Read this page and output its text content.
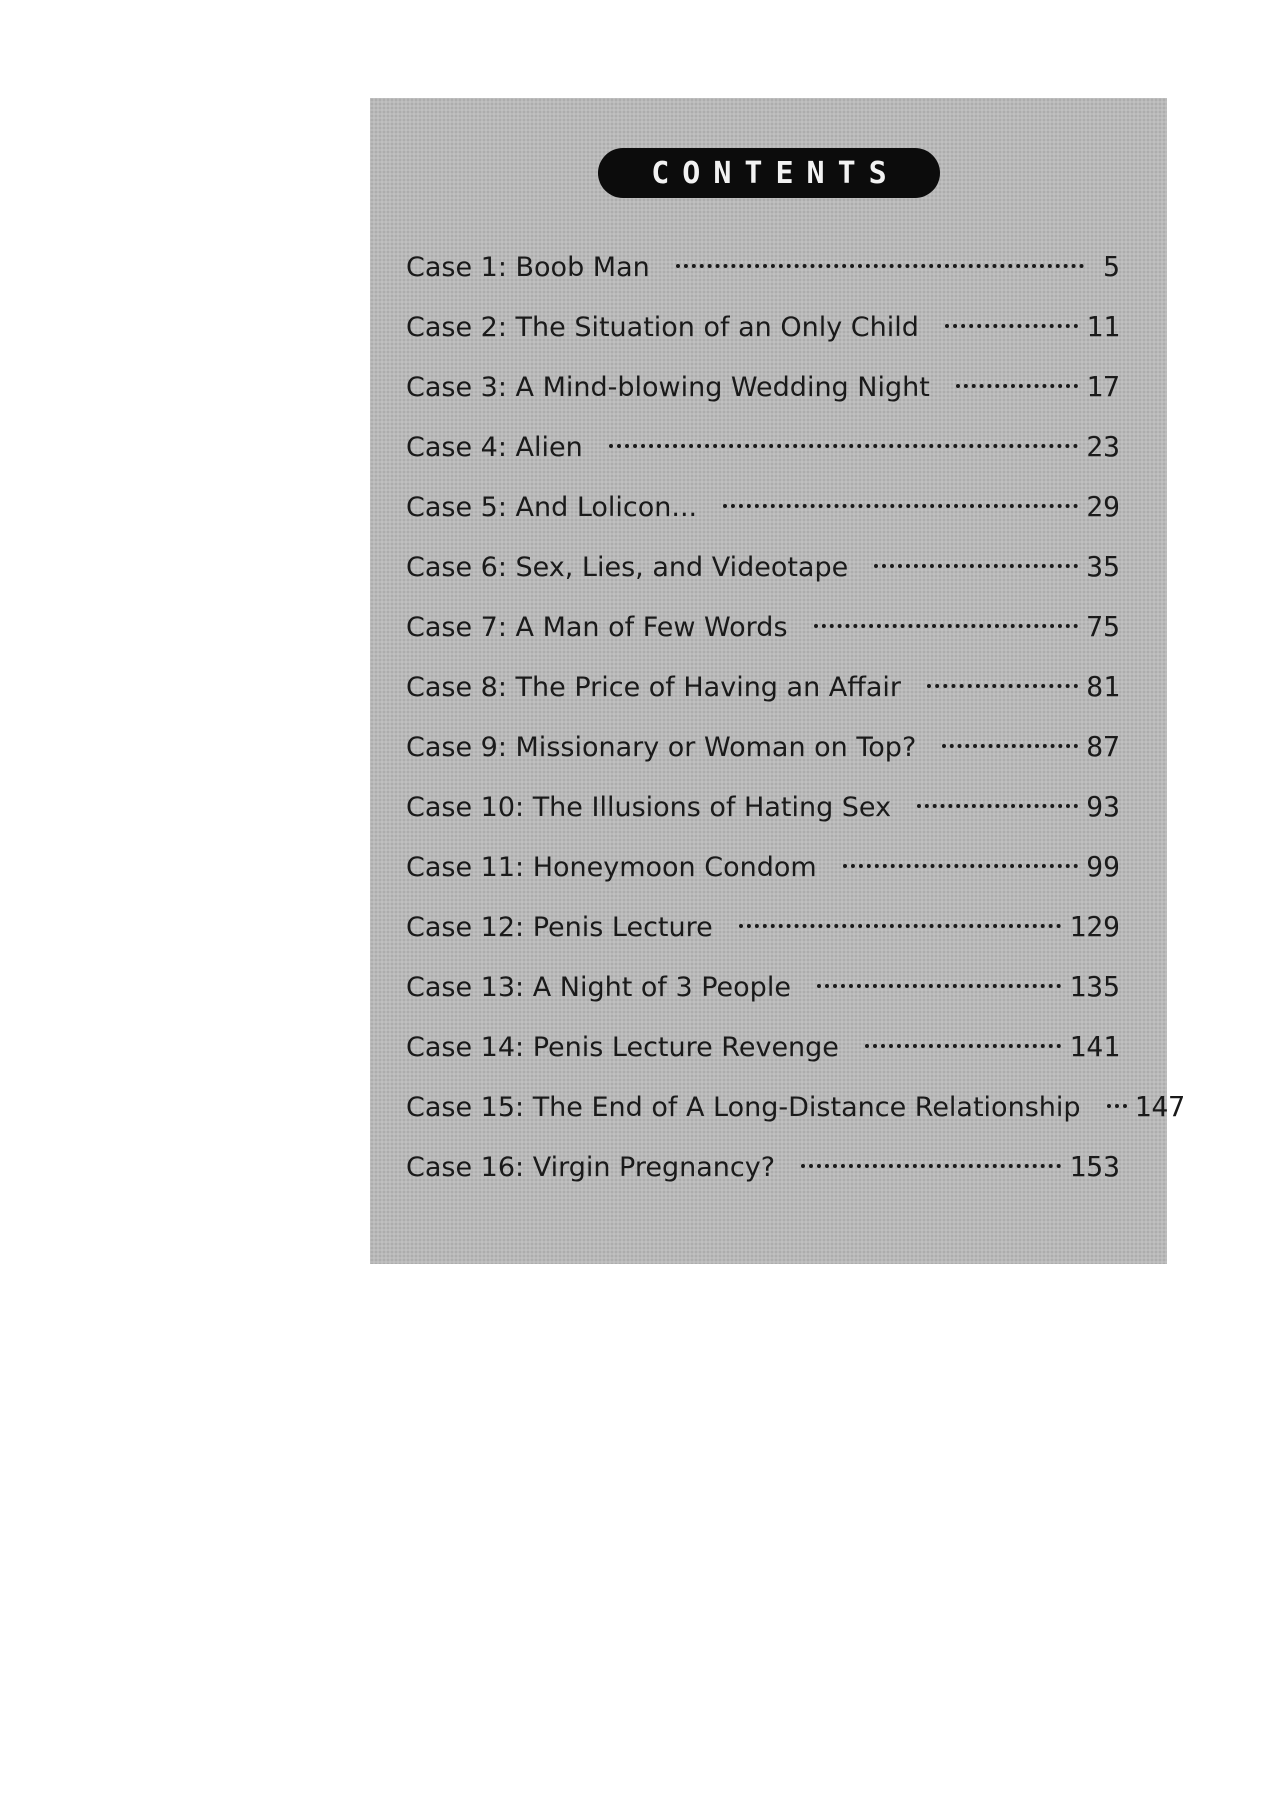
CONTENTS
Case 1: Boob Man	5
Case 2: The Situation of an Only Child	11
Case 3: A Mind-blowing Wedding Night	17
Case 4: Alien	23
Case 5: And Lolicon...	29
Case 6: Sex, Lies, and Videotape	35
Case 7: A Man of Few Words	75
Case 8: The Price of Having an Affair	81
Case 9: Missionary or Woman on Top?	87
Case 10: The Illusions of Hating Sex	93
Case 11: Honeymoon Condom	99
Case 12: Penis Lecture	129
Case 13: A Night of 3 People	135
Case 14: Penis Lecture Revenge	141
Case 15: The End of A Long-Distance Relationship 147
Case 16: Virgin Pregnancy?	153
